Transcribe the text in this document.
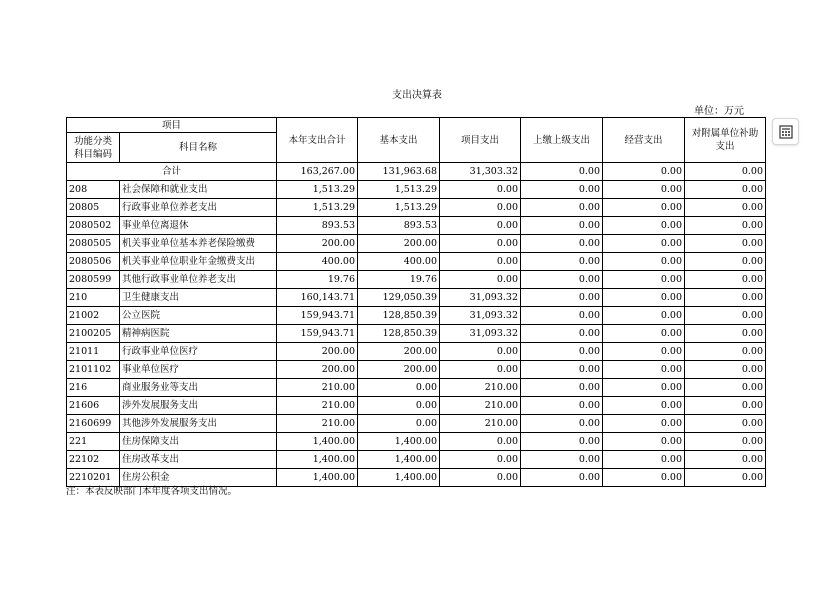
支出决算表
单位：万元
项目		本年支出合计	基本支出	项目支出	上缴上级支出	经营支出	对附属单位补助
支出
功能分类
科目编码	科目名称						
合计		163,267.00	131,963.68	31,303.32	0.00	0.00	0.00
208	社会保障和就业支出	1,513.29	1,513.29	0.00	0.00	0.00	0.00
20805	行政事业单位养老支出	1,513.29	1,513.29	0.00	0.00	0.00	0.00
2080502	事业单位离退休	893.53	893.53	0.00	0.00	0.00	0.00
2080505	机关事业单位基本养老保险缴费	200.00	200.00	0.00	0.00	0.00	0.00
2080506	机关事业单位职业年金缴费支出	400.00	400.00	0.00	0.00	0.00	0.00
2080599	其他行政事业单位养老支出	19.76	19.76	0.00	0.00	0.00	0.00
210	卫生健康支出	160,143.71	129,050.39	31,093.32	0.00	0.00	0.00
21002	公立医院	159,943.71	128,850.39	31,093.32	0.00	0.00	0.00
2100205	精神病医院	159,943.71	128,850.39	31,093.32	0.00	0.00	0.00
21011	行政事业单位医疗	200.00	200.00	0.00	0.00	0.00	0.00
2101102	事业单位医疗	200.00	200.00	0.00	0.00	0.00	0.00
216	商业服务业等支出	210.00	0.00	210.00	0.00	0.00	0.00
21606	涉外发展服务支出	210.00	0.00	210.00	0.00	0.00	0.00
2160699	其他涉外发展服务支出	210.00	0.00	210.00	0.00	0.00	0.00
221	住房保障支出	1,400.00	1,400.00	0.00	0.00	0.00	0.00
22102	住房改革支出	1,400.00	1,400.00	0.00	0.00	0.00	0.00
2210201	住房公积金	1,400.00	1,400.00	0.00	0.00	0.00	0.00
注：本表反映部门本年度各项支出情况。
